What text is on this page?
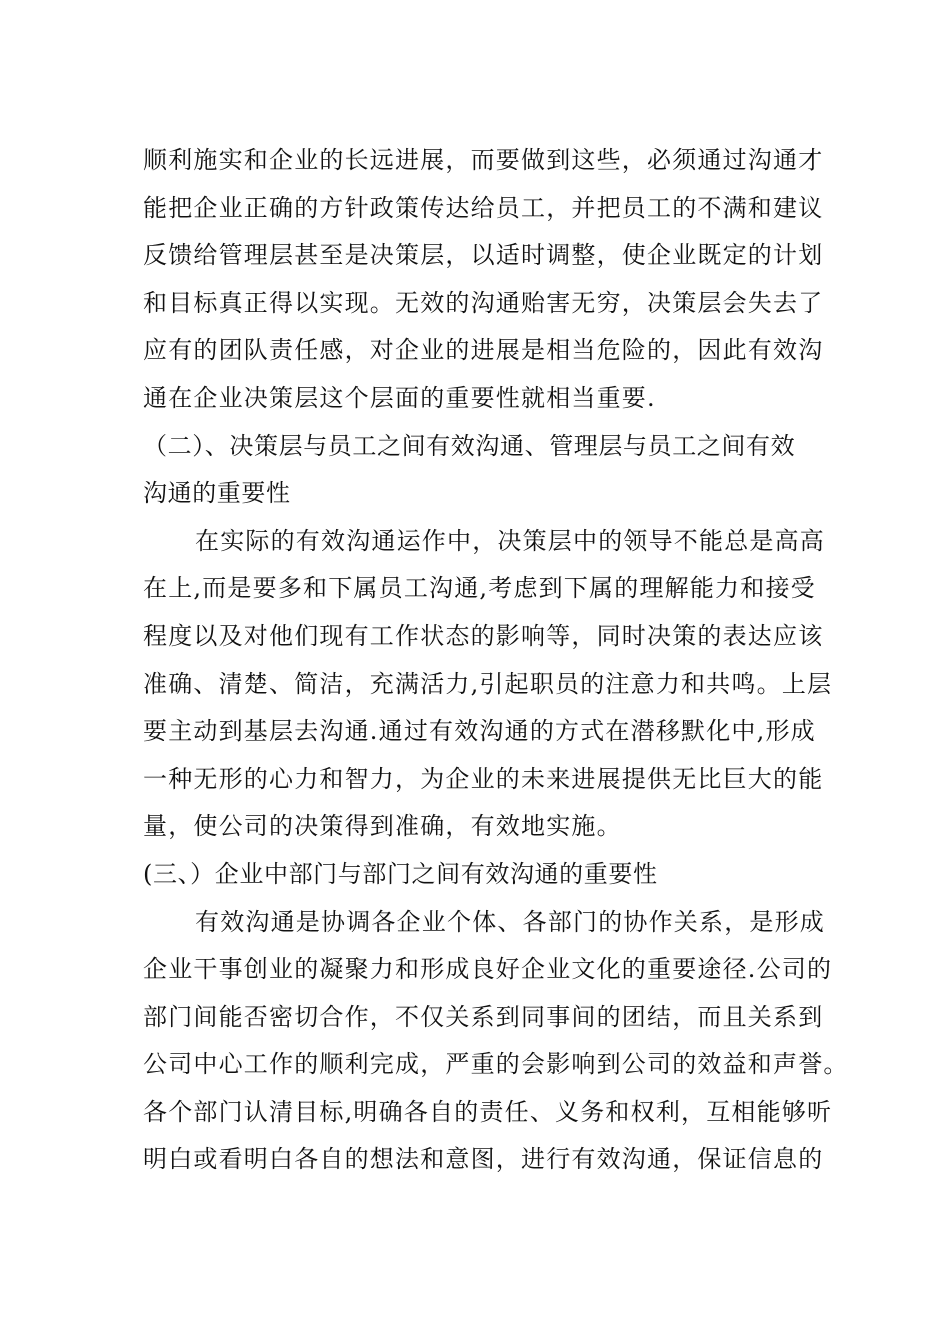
顺利施实和企业的长远进展，而要做到这些，必须通过沟通才
能把企业正确的方针政策传达给员工，并把员工的不满和建议
反馈给管理层甚至是决策层，以适时调整，使企业既定的计划
和目标真正得以实现。无效的沟通贻害无穷，决策层会失去了
应有的团队责任感，对企业的进展是相当危险的，因此有效沟
通在企业决策层这个层面的重要性就相当重要.
（二）、决策层与员工之间有效沟通、管理层与员工之间有效
沟通的重要性
在实际的有效沟通运作中，决策层中的领导不能总是高高
在上,而是要多和下属员工沟通,考虑到下属的理解能力和接受
程度以及对他们现有工作状态的影响等，同时决策的表达应该
准确、清楚、简洁，充满活力,引起职员的注意力和共鸣。上层
要主动到基层去沟通.通过有效沟通的方式在潜移默化中,形成
一种无形的心力和智力，为企业的未来进展提供无比巨大的能
量，使公司的决策得到准确，有效地实施。
(三、）企业中部门与部门之间有效沟通的重要性
有效沟通是协调各企业个体、各部门的协作关系，是形成
企业干事创业的凝聚力和形成良好企业文化的重要途径.公司的
部门间能否密切合作，不仅关系到同事间的团结，而且关系到
公司中心工作的顺利完成，严重的会影响到公司的效益和声誉。
各个部门认清目标,明确各自的责任、义务和权利，互相能够听
明白或看明白各自的想法和意图，进行有效沟通，保证信息的
